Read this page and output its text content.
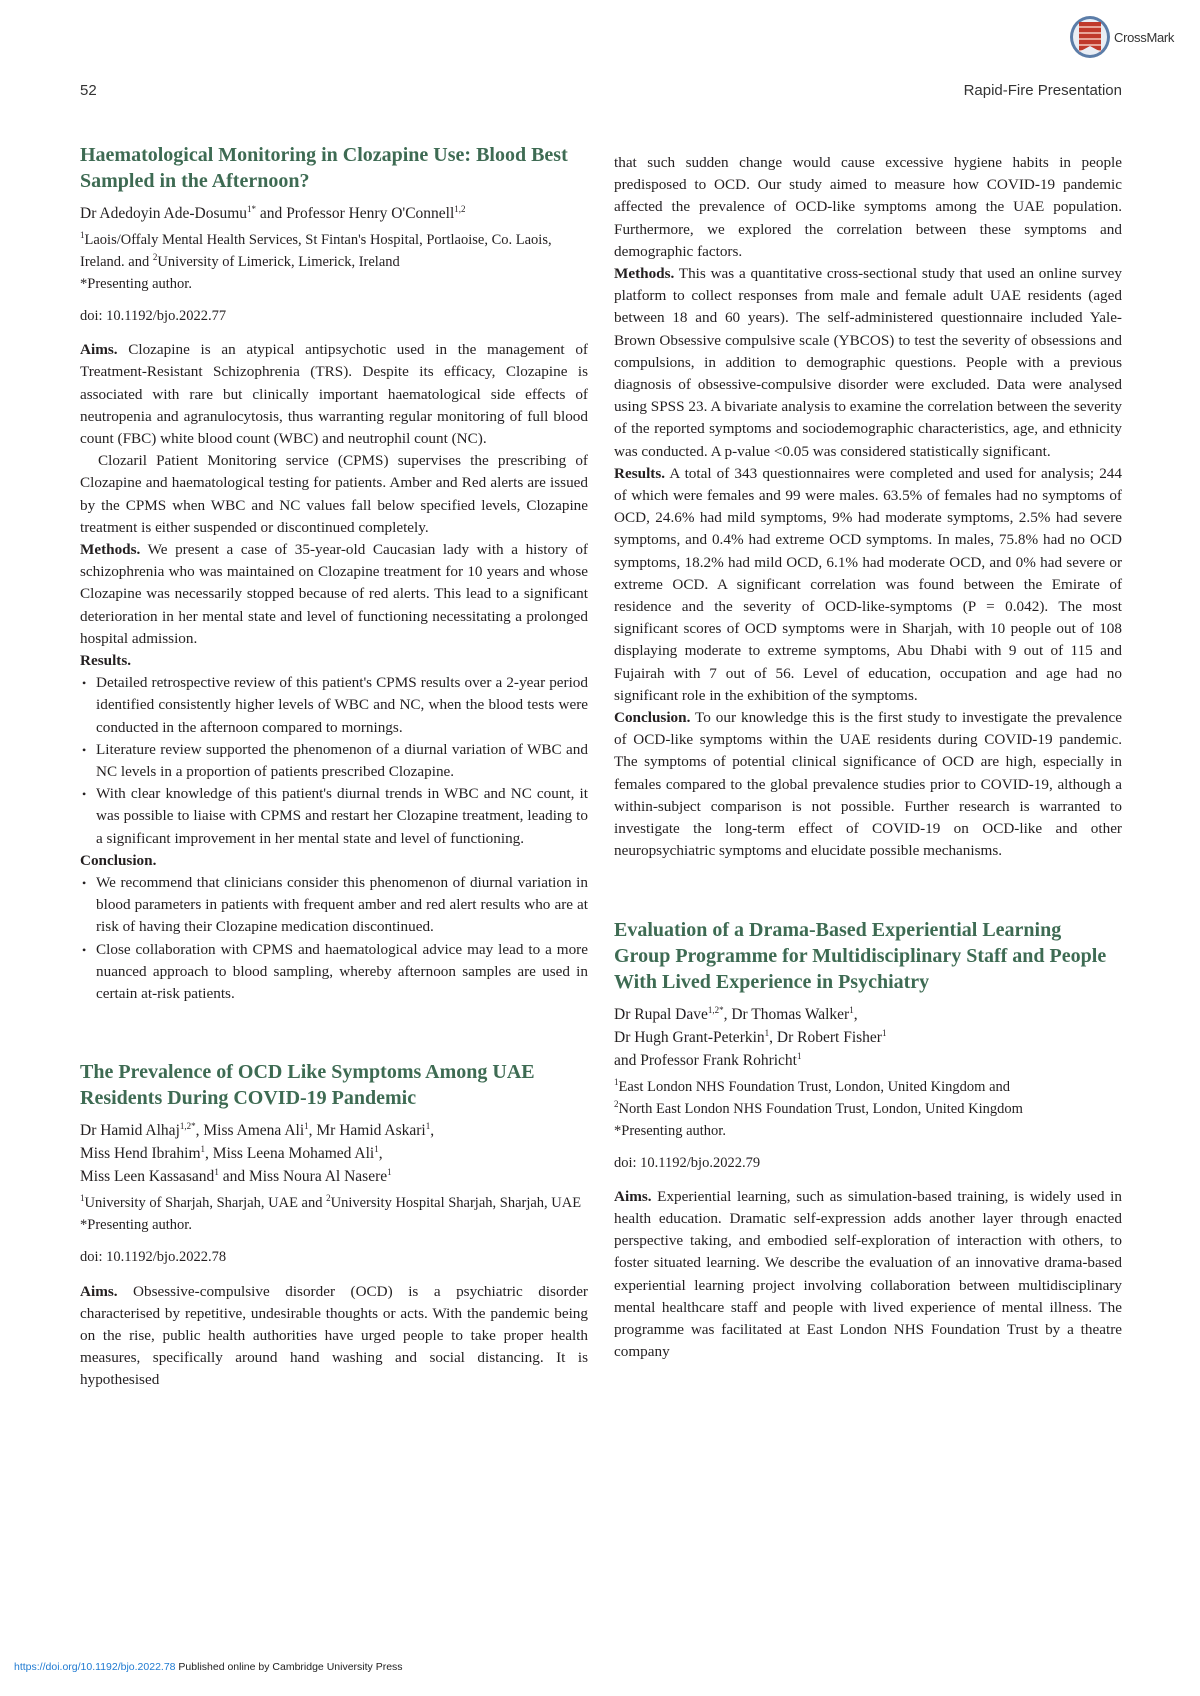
CrossMark
52	Rapid-Fire Presentation
Haematological Monitoring in Clozapine Use: Blood Best Sampled in the Afternoon?

Dr Adedoyin Ade-Dosumu$^{1*}$ and Professor Henry O'Connell$^{1,2}$

$^1$Laois/Offaly Mental Health Services, St Fintan's Hospital, Portlaoise, Co. Laois, Ireland. and $^2$University of Limerick, Limerick, Ireland

*Presenting author.

doi: 10.1192/bjo.2022.77

Aims. Clozapine is an atypical antipsychotic used in the management of Treatment-Resistant Schizophrenia (TRS). Despite its efficacy, Clozapine is associated with rare but clinically important haematological side effects of neutropenia and agranulocytosis, thus warranting regular monitoring of full blood count (FBC) white blood count (WBC) and neutrophil count (NC).

Clozaril Patient Monitoring service (CPMS) supervises the prescribing of Clozapine and haematological testing for patients. Amber and Red alerts are issued by the CPMS when WBC and NC values fall below specified levels, Clozapine treatment is either suspended or discontinued completely.

Methods. We present a case of 35-year-old Caucasian lady with a history of schizophrenia who was maintained on Clozapine treatment for 10 years and whose Clozapine was necessarily stopped because of red alerts. This lead to a significant deterioration in her mental state and level of functioning necessitating a prolonged hospital admission.

Results.

• Detailed retrospective review of this patient's CPMS results over a 2-year period identified consistently higher levels of WBC and NC, when the blood tests were conducted in the afternoon compared to mornings.
• Literature review supported the phenomenon of a diurnal variation of WBC and NC levels in a proportion of patients prescribed Clozapine.
• With clear knowledge of this patient's diurnal trends in WBC and NC count, it was possible to liaise with CPMS and restart her Clozapine treatment, leading to a significant improvement in her mental state and level of functioning.

Conclusion.

• We recommend that clinicians consider this phenomenon of diurnal variation in blood parameters in patients with frequent amber and red alert results who are at risk of having their Clozapine medication discontinued.
• Close collaboration with CPMS and haematological advice may lead to a more nuanced approach to blood sampling, whereby afternoon samples are used in certain at-risk patients.
The Prevalence of OCD Like Symptoms Among UAE Residents During COVID-19 Pandemic

Dr Hamid Alhaj$^{1,2*}$, Miss Amena Ali$^1$, Mr Hamid Askari$^1$,
Miss Hend Ibrahim$^1$, Miss Leena Mohamed Ali$^1$,
Miss Leen Kassasand$^1$ and Miss Noura Al Nasere$^1$

$^1$University of Sharjah, Sharjah, UAE and $^2$University Hospital Sharjah, Sharjah, UAE

*Presenting author.

doi: 10.1192/bjo.2022.78

Aims. Obsessive-compulsive disorder (OCD) is a psychiatric disorder characterised by repetitive, undesirable thoughts or acts. With the pandemic being on the rise, public health authorities have urged people to take proper health measures, specifically around hand washing and social distancing. It is hypothesised

that such sudden change would cause excessive hygiene habits in people predisposed to OCD. Our study aimed to measure how COVID-19 pandemic affected the prevalence of OCD-like symptoms among the UAE population. Furthermore, we explored the correlation between these symptoms and demographic factors.

Methods. This was a quantitative cross-sectional study that used an online survey platform to collect responses from male and female adult UAE residents (aged between 18 and 60 years). The self-administered questionnaire included Yale-Brown Obsessive compulsive scale (YBCOS) to test the severity of obsessions and compulsions, in addition to demographic questions. People with a previous diagnosis of obsessive-compulsive disorder were excluded. Data were analysed using SPSS 23. A bivariate analysis to examine the correlation between the severity of the reported symptoms and sociodemographic characteristics, age, and ethnicity was conducted. A p-value <0.05 was considered statistically significant.

Results. A total of 343 questionnaires were completed and used for analysis; 244 of which were females and 99 were males. 63.5% of females had no symptoms of OCD, 24.6% had mild symptoms, 9% had moderate symptoms, 2.5% had severe symptoms, and 0.4% had extreme OCD symptoms. In males, 75.8% had no OCD symptoms, 18.2% had mild OCD, 6.1% had moderate OCD, and 0% had severe or extreme OCD. A significant correlation was found between the Emirate of residence and the severity of OCD-like-symptoms (P = 0.042). The most significant scores of OCD symptoms were in Sharjah, with 10 people out of 108 displaying moderate to extreme symptoms, Abu Dhabi with 9 out of 115 and Fujairah with 7 out of 56. Level of education, occupation and age had no significant role in the exhibition of the symptoms.

Conclusion. To our knowledge this is the first study to investigate the prevalence of OCD-like symptoms within the UAE residents during COVID-19 pandemic. The symptoms of potential clinical significance of OCD are high, especially in females compared to the global prevalence studies prior to COVID-19, although a within-subject comparison is not possible. Further research is warranted to investigate the long-term effect of COVID-19 on OCD-like and other neuropsychiatric symptoms and elucidate possible mechanisms.

Evaluation of a Drama-Based Experiential Learning Group Programme for Multidisciplinary Staff and People With Lived Experience in Psychiatry

Dr Rupal Dave$^{1,2*}$, Dr Thomas Walker$^1$,
Dr Hugh Grant-Peterkin$^1$, Dr Robert Fisher$^1$
and Professor Frank Rohricht$^1$

$^1$East London NHS Foundation Trust, London, United Kingdom and
$^2$North East London NHS Foundation Trust, London, United Kingdom

*Presenting author.

doi: 10.1192/bjo.2022.79

Aims. Experiential learning, such as simulation-based training, is widely used in health education. Dramatic self-expression adds another layer through enacted perspective taking, and embodied self-exploration of interaction with others, to foster situated learning. We describe the evaluation of an innovative drama-based experiential learning project involving collaboration between multidisciplinary mental healthcare staff and people with lived experience of mental illness. The programme was facilitated at East London NHS Foundation Trust by a theatre company

https://doi.org/10.1192/bjo.2022.78 Published online by Cambridge University Press
